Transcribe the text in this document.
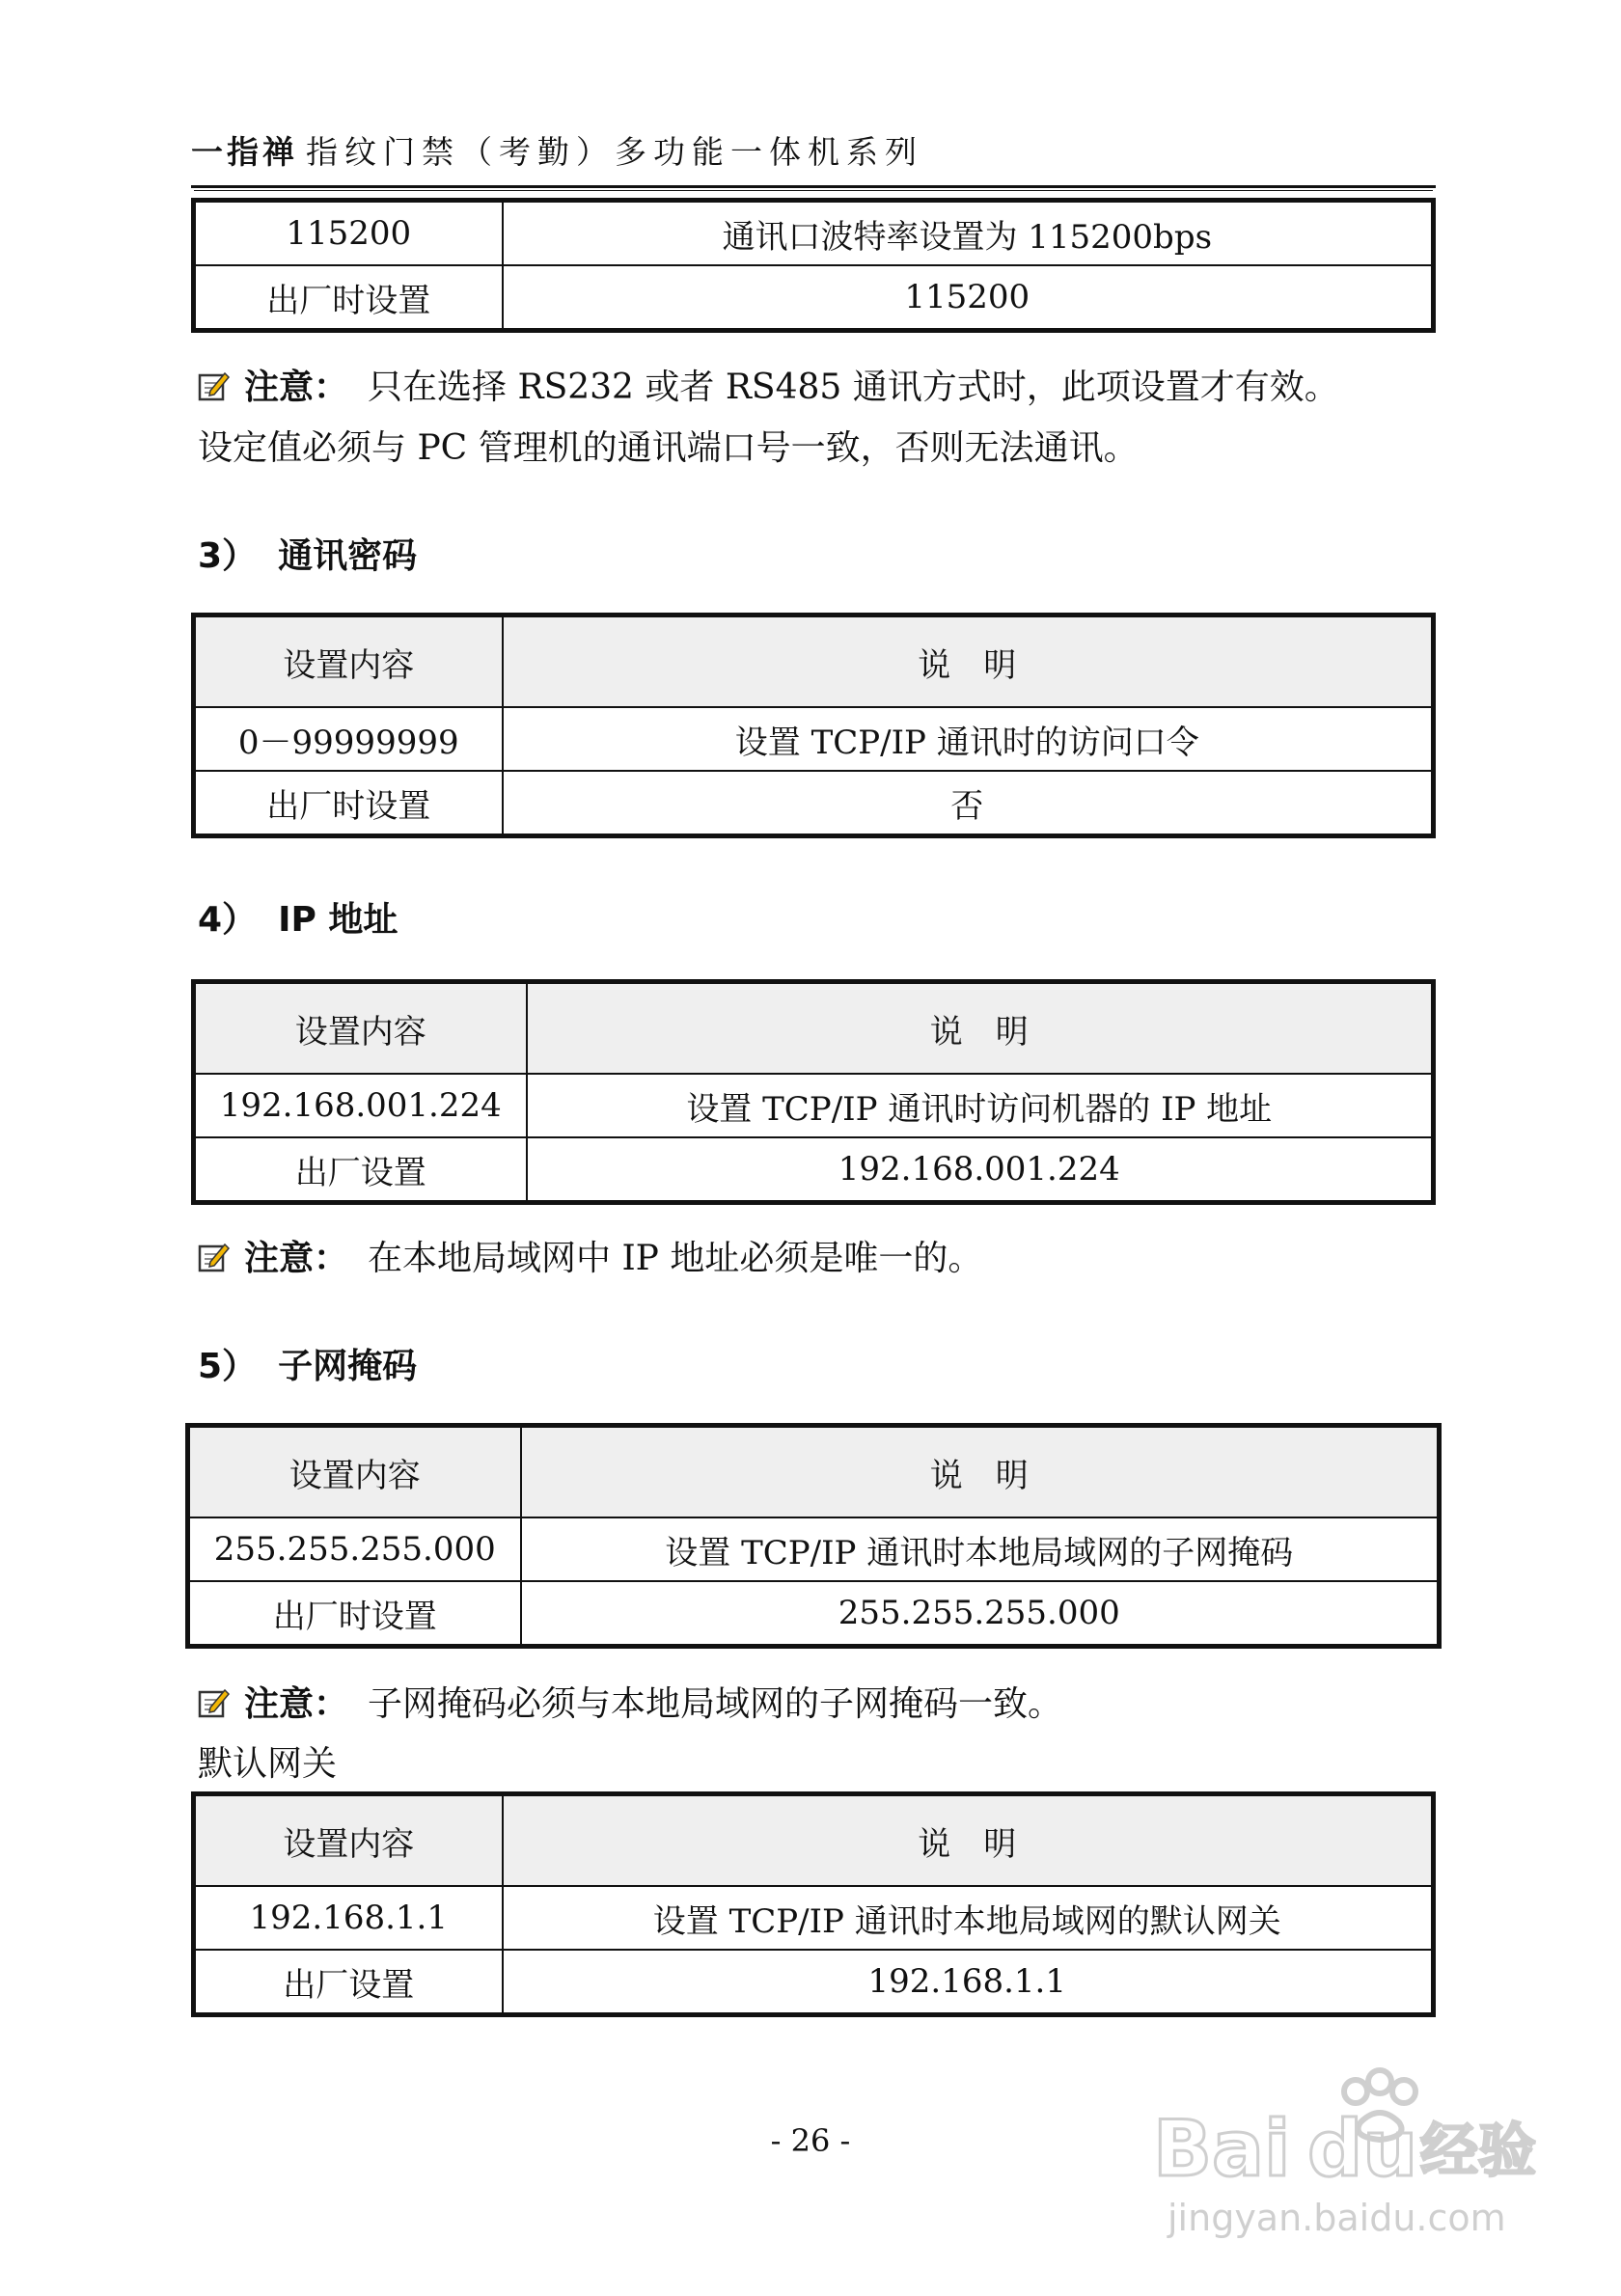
一指禅 指纹门禁（考勤）多功能一体机系列
115200	通讯口波特率设置为 115200bps
出厂时设置	115200
注意： 只在选择 RS232 或者 RS485 通讯方式时，此项设置才有效。
设定值必须与 PC 管理机的通讯端口号一致，否则无法通讯。
3） 通讯密码
设置内容	说　明
0－99999999	设置 TCP/IP 通讯时的访问口令
出厂时设置	否
4） IP 地址
设置内容	说　明
192.168.001.224	设置 TCP/IP 通讯时访问机器的 IP 地址
出厂设置	192.168.001.224
注意： 在本地局域网中 IP 地址必须是唯一的。
5） 子网掩码
设置内容	说　明
255.255.255.000	设置 TCP/IP 通讯时本地局域网的子网掩码
出厂时设置	255.255.255.000
注意： 子网掩码必须与本地局域网的子网掩码一致。
默认网关
设置内容	说　明
192.168.1.1	设置 TCP/IP 通讯时本地局域网的默认网关
出厂设置	192.168.1.1
- 26 -	Bai du 经验
jingyan.baidu.com
